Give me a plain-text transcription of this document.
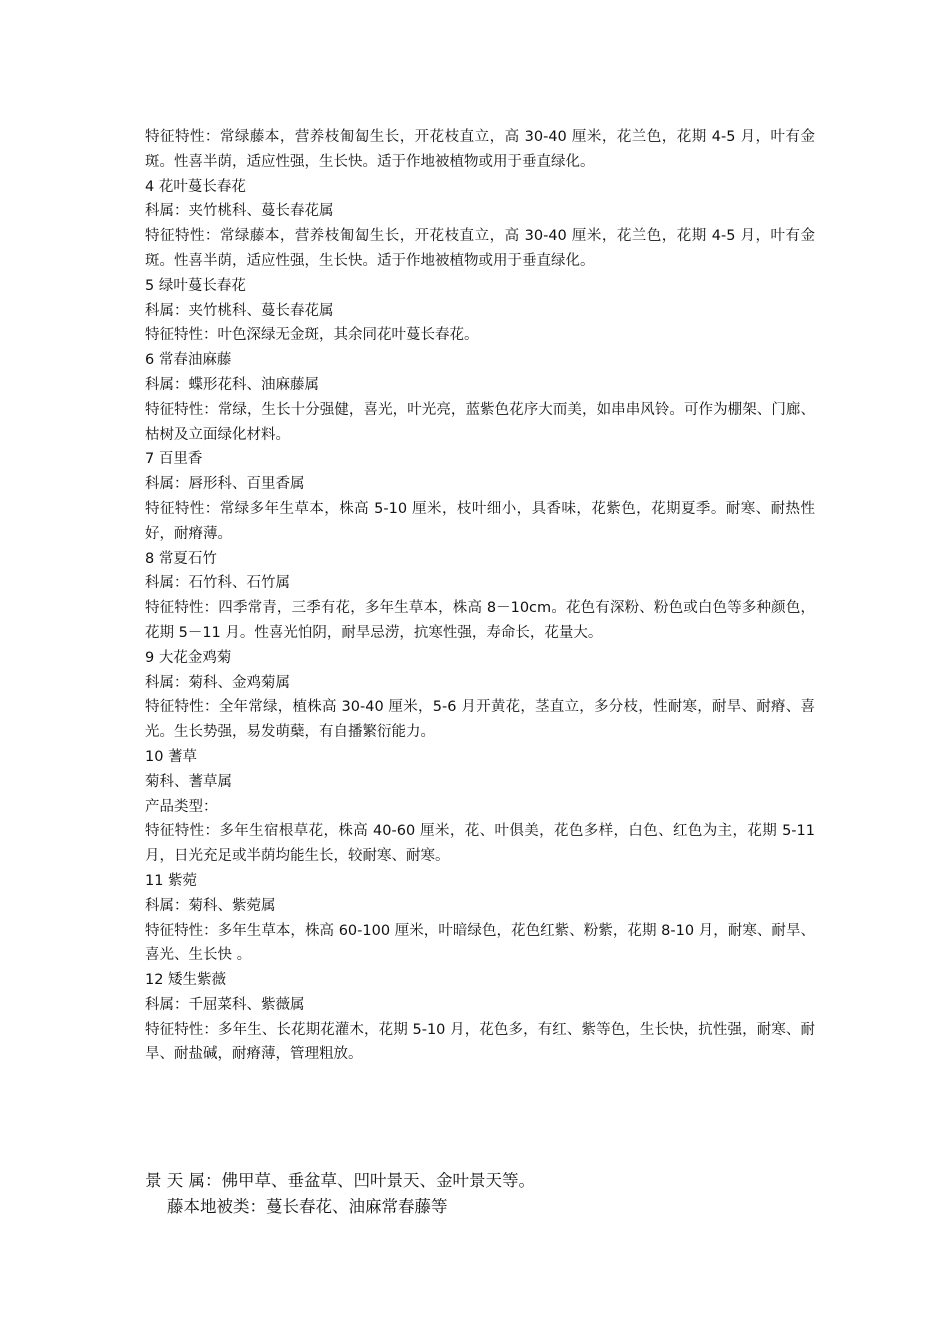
特征特性：常绿藤本，营养枝匍匐生长，开花枝直立，高 30-40 厘米，花兰色，花期 4-5 月，叶有金斑。性喜半荫，适应性强，生长快。适于作地被植物或用于垂直绿化。

4 花叶蔓长春花

科属：夹竹桃科、蔓长春花属

特征特性：常绿藤本，营养枝匍匐生长，开花枝直立，高 30-40 厘米，花兰色，花期 4-5 月，叶有金斑。性喜半荫，适应性强，生长快。适于作地被植物或用于垂直绿化。

5 绿叶蔓长春花

科属：夹竹桃科、蔓长春花属

特征特性：叶色深绿无金斑，其余同花叶蔓长春花。

6 常春油麻藤

科属：蝶形花科、油麻藤属

特征特性：常绿，生长十分强健，喜光，叶光亮，蓝紫色花序大而美，如串串风铃。可作为棚架、门廊、枯树及立面绿化材料。

7 百里香

科属：唇形科、百里香属

特征特性：常绿多年生草本，株高 5-10 厘米，枝叶细小，具香味，花紫色，花期夏季。耐寒、耐热性好，耐瘠薄。

8 常夏石竹

科属：石竹科、石竹属

特征特性：四季常青，三季有花，多年生草本，株高 8－10cm。花色有深粉、粉色或白色等多种颜色，花期 5－11 月。性喜光怕阴，耐旱忌涝，抗寒性强，寿命长，花量大。

9 大花金鸡菊

科属：菊科、金鸡菊属

特征特性：全年常绿，植株高 30-40 厘米，5-6 月开黄花，茎直立，多分枝，性耐寒，耐旱、耐瘠、喜光。生长势强，易发萌蘖，有自播繁衍能力。

10 蓍草

菊科、蓍草属

产品类型：

特征特性：多年生宿根草花，株高 40-60 厘米，花、叶俱美，花色多样，白色、红色为主，花期 5-11 月，日光充足或半荫均能生长，较耐寒、耐寒。

11 紫菀

科属：菊科、紫菀属

特征特性：多年生草本，株高 60-100 厘米，叶暗绿色，花色红紫、粉紫，花期 8-10 月，耐寒、耐旱、喜光、生长快 。

12 矮生紫薇

科属：千屈菜科、紫薇属

特征特性：多年生、长花期花灌木，花期 5-10 月，花色多，有红、紫等色，生长快，抗性强，耐寒、耐旱、耐盐碱，耐瘠薄，管理粗放。

景 天 属：佛甲草、垂盆草、凹叶景天、金叶景天等。

藤本地被类：蔓长春花、油麻常春藤等
